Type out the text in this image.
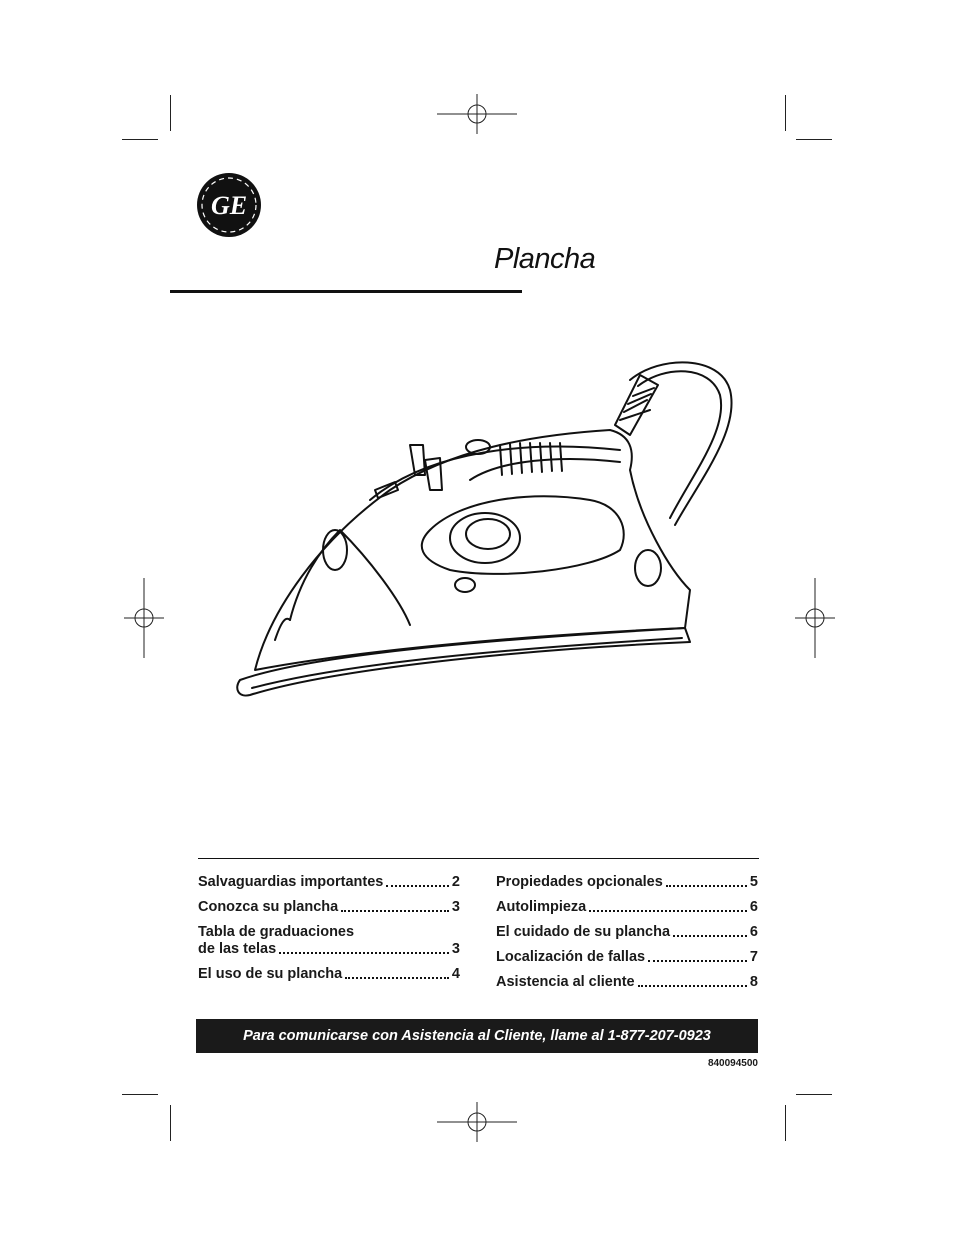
GE
Plancha
Salvaguardias importantes	2
Conozca su plancha	3
Tabla de graduaciones
de las telas	3
El uso de su plancha	4
Propiedades opcionales	5
Autolimpieza	6
El cuidado de su plancha	6
Localización de fallas	7
Asistencia al cliente	8
Para comunicarse con Asistencia al Cliente, llame al 1-877-207-0923
840094500
